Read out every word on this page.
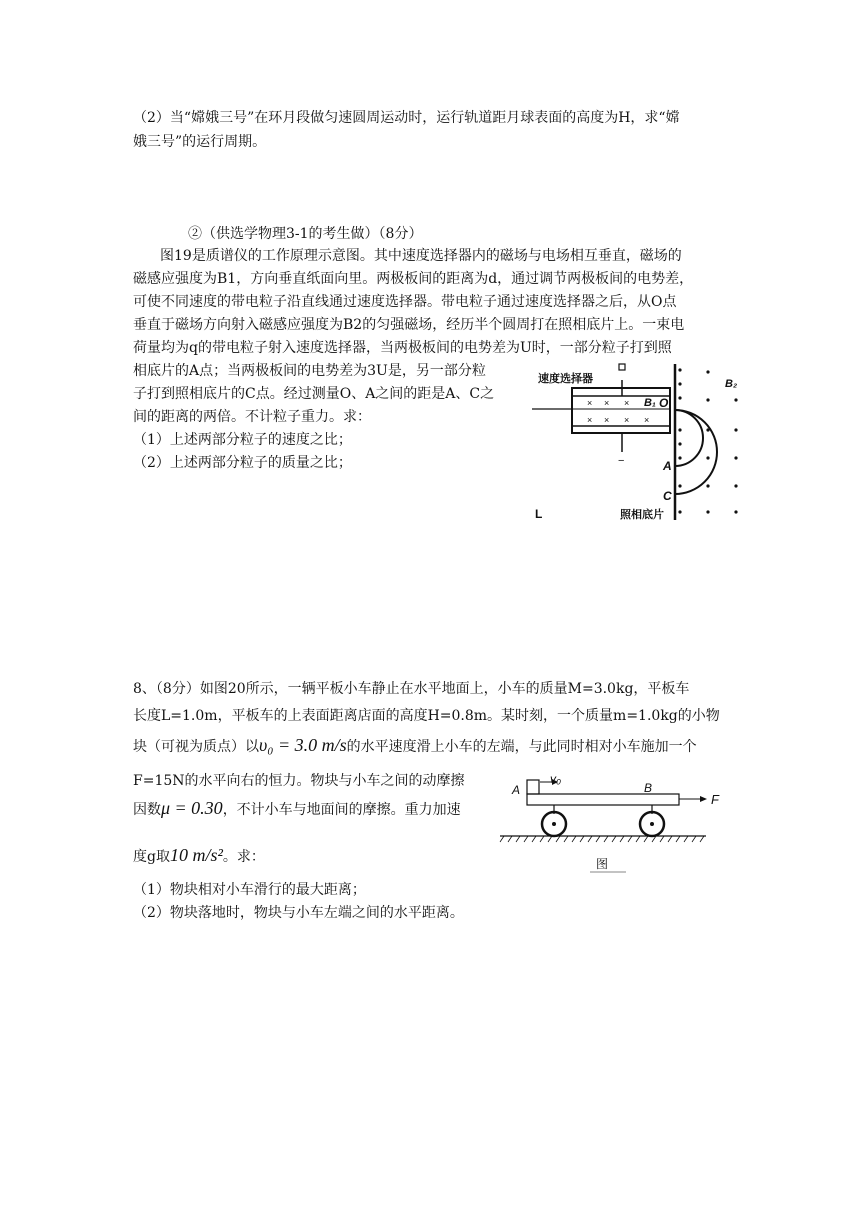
（2）当“嫦娥三号”在环月段做匀速圆周运动时，运行轨道距月球表面的高度为H，求“嫦
娥三号”的运行周期。
②（供选学物理3-1的考生做）（8分）
图19是质谱仪的工作原理示意图。其中速度选择器内的磁场与电场相互垂直，磁场的
磁感应强度为B1，方向垂直纸面向里。两极板间的距离为d，通过调节两极板间的电势差，
可使不同速度的带电粒子沿直线通过速度选择器。带电粒子通过速度选择器之后，从O点
垂直于磁场方向射入磁感应强度为B2的匀强磁场，经历半个圆周打在照相底片上。一束电
荷量均为q的带电粒子射入速度选择器，当两极板间的电势差为U时，一部分粒子打到照
相底片的A点；当两极板间的电势差为3U是，另一部分粒
子打到照相底片的C点。经过测量O、A之间的距是A、C之
间的距离的两倍。不计粒子重力。求：
（1）上述两部分粒子的速度之比；
（2）上述两部分粒子的质量之比；
速度选择器
× × ×
× × × ×
B₁
−
O
A
C
B₂
照相底片
L
8、（8分）如图20所示，一辆平板小车静止在水平地面上，小车的质量M=3.0kg，平板车
长度L=1.0m，平板车的上表面距离店面的高度H=0.8m。某时刻，一个质量m=1.0kg的小物
块（可视为质点）以υ₀ = 3.0 m/s的水平速度滑上小车的左端，与此同时相对小车施加一个
F=15N的水平向右的恒力。物块与小车之间的动摩擦
因数μ = 0.30，不计小车与地面间的摩擦。重力加速
度g取10 m/s²。求：
（1）物块相对小车滑行的最大距离；
（2）物块落地时，物块与小车左端之间的水平距离。
A
v₀
B
F
图
